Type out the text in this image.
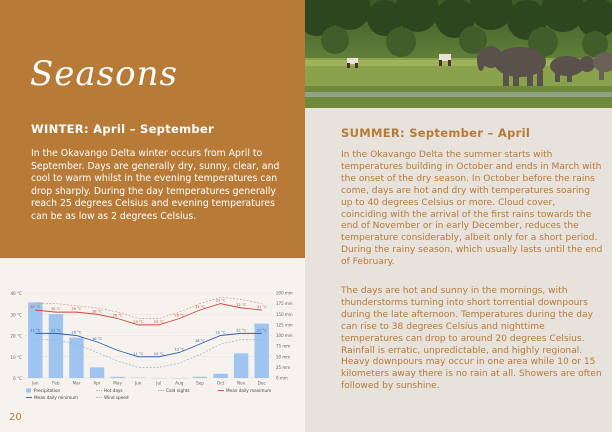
Seasons
WINTER: April – September

In the Okavango Delta winter occurs from April to September. Days are generally dry, sunny, clear, and cool to warm whilst in the evening temperatures can drop sharply. During the day temperatures generally reach 25 degrees Celsius and evening temperatures can be as low as 2 degrees Celsius.

SUMMER: September – April

In the Okavango Delta the summer starts with temperatures building in October and ends in March with the onset of the dry season. In October before the rains come, days are hot and dry with temperatures soaring up to 40 degrees Celsius or more. Cloud cover, coinciding with the arrival of the first rains towards the end of November or in early December, reduces the temperature considerably, albeit only for a short period. During the rainy season, which usually lasts until the end of February.

The days are hot and sunny in the mornings, with thunderstorms turning into short torrential downpours during the late afternoon. Temperatures during the day can rise to 38 degrees Celsius and nighttime temperatures can drop to around 20 degrees Celsius. Rainfall is erratic, unpredictable, and highly regional. Heavy downpours may occur in one area while 10 or 15 kilometers away there is no rain at all. Showers are often followed by sunshine.

0 °C
10 °C
20 °C
30 °C
40 °C
0 mm
25 mm
50 mm
75 mm
100 mm
125 mm
150 mm
175 mm
200 mm
Jan	Feb	Mar	Apr	May	Jun	Jul	Aug	Sep	Oct	Nov	Dec
30 °C
30 °C	29 °C
28 °C
26 °C
23 °C	23 °C
26 °C
31 °C
33 °C
32 °C
31 °C
21 °C	21 °C
20 °C
16 °C
11 °C	10 °C
13 °C
18 °C
22 °C
22 °C	21 °C
Precipitation	Hot days	Cold nights	Mean daily maximum
Mean daily minimum	Wind speed
20
